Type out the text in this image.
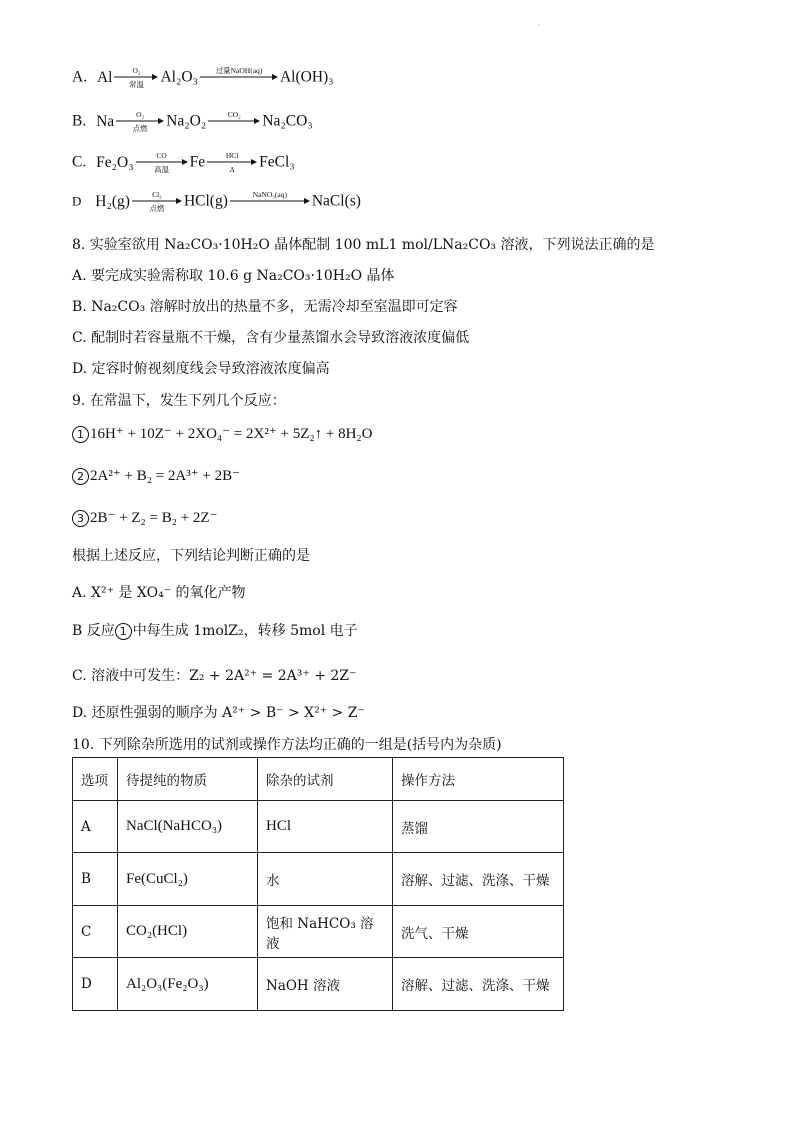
.
A. Al	O₂
常温	Al₂O₃	过量NaOH(aq)	Al(OH)₃
B. Na	O₂
点燃	Na₂O₂	CO₂	Na₂CO₃
C. Fe₂O₃	CO
高温	Fe	HCl
Δ	FeCl₃
D H₂(g)	Cl₂
点燃	HCl(g)	NaNO₃(aq)	NaCl(s)
8. 实验室欲用 Na₂CO₃·10H₂O 晶体配制 100 mL1 mol/LNa₂CO₃ 溶液，下列说法正确的是
A. 要完成实验需称取 10.6 g Na₂CO₃·10H₂O 晶体
B. Na₂CO₃ 溶解时放出的热量不多，无需冷却至室温即可定容
C. 配制时若容量瓶不干燥，含有少量蒸馏水会导致溶液浓度偏低
D. 定容时俯视刻度线会导致溶液浓度偏高
9. 在常温下，发生下列几个反应：
1 16H⁺ + 10Z⁻ + 2XO₄⁻ = 2X²⁺ + 5Z₂↑ + 8H₂O
2 2A²⁺ + B₂ = 2A³⁺ + 2B⁻
3 2B⁻ + Z₂ = B₂ + 2Z⁻
根据上述反应，下列结论判断正确的是
A. X²⁺ 是 XO₄⁻ 的氧化产物
B 反应 1 中每生成 1molZ₂，转移 5mol 电子
C. 溶液中可发生：Z₂ + 2A²⁺ = 2A³⁺ + 2Z⁻
D. 还原性强弱的顺序为 A²⁺ > B⁻ > X²⁺ > Z⁻
10. 下列除杂所选用的试剂或操作方法均正确的一组是(括号内为杂质)
选项	待提纯的物质	除杂的试剂	操作方法
A	NaCl(NaHCO₃)	HCl	蒸馏
B	Fe(CuCl₂)	水	溶解、过滤、洗涤、干燥
C	CO₂(HCl)	饱和 NaHCO₃ 溶液	洗气、干燥
D	Al₂O₃(Fe₂O₃)	NaOH 溶液	溶解、过滤、洗涤、干燥
